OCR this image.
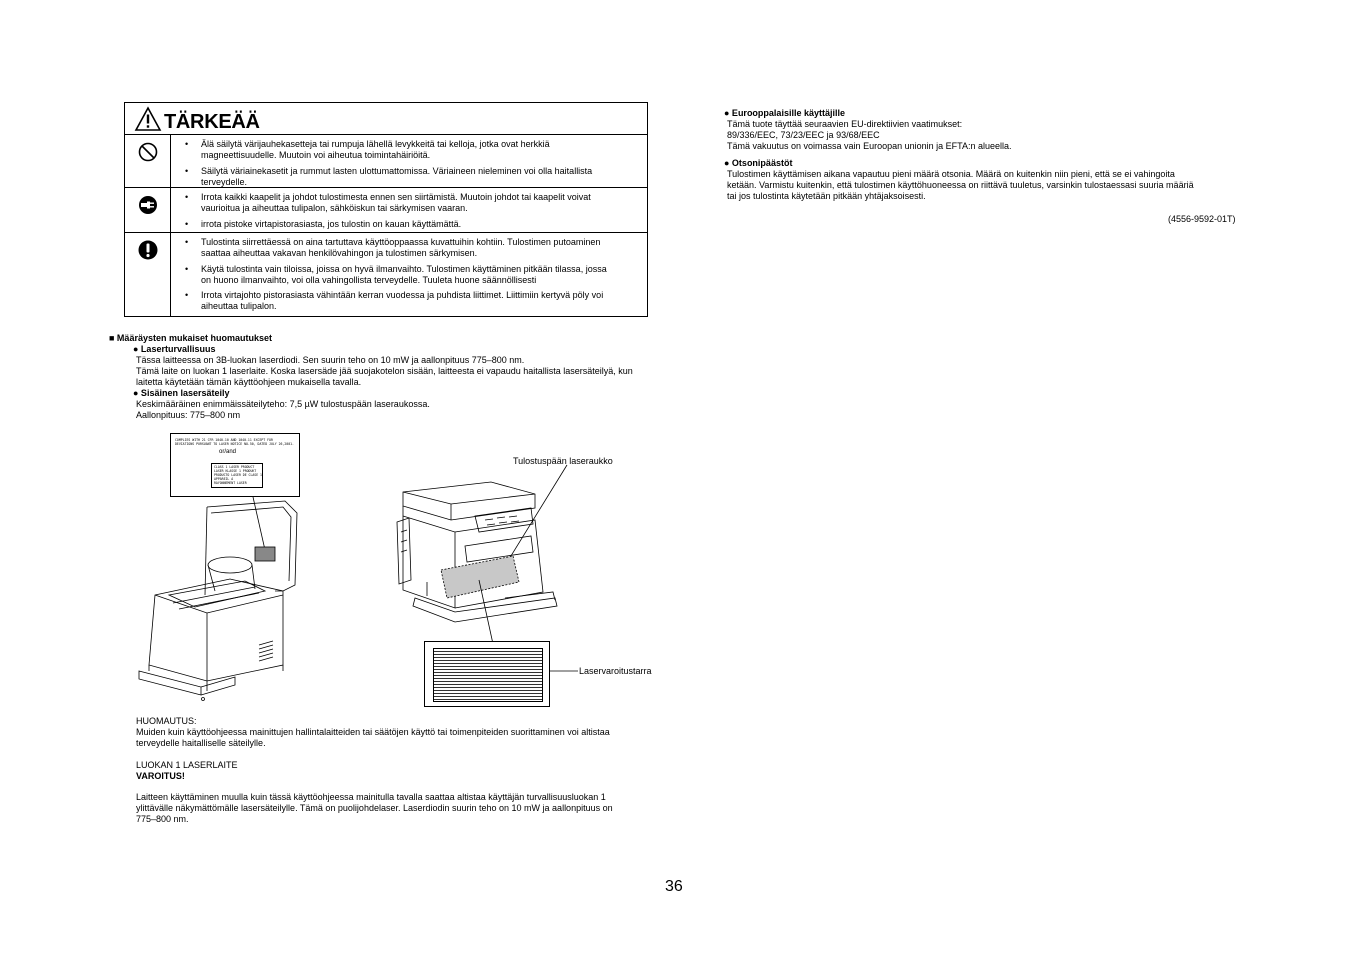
TÄRKEÄÄ
• Älä säilytä värijauhekasetteja tai rumpuja lähellä levykkeitä tai kelloja, jotka ovat herkkiä
magneettisuudelle. Muutoin voi aiheutua toimintahäiriöitä.
• Säilytä väriainekasetit ja rummut lasten ulottumattomissa. Väriaineen nieleminen voi olla haitallista
terveydelle.
• Irrota kaikki kaapelit ja johdot tulostimesta ennen sen siirtämistä. Muutoin johdot tai kaapelit voivat
vaurioitua ja aiheuttaa tulipalon, sähköiskun tai särkymisen vaaran.
• irrota pistoke virtapistorasiasta, jos tulostin on kauan käyttämättä.
• Tulostinta siirrettäessä on aina tartuttava käyttöoppaassa kuvattuihin kohtiin. Tulostimen putoaminen
saattaa aiheuttaa vakavan henkilövahingon ja tulostimen särkymisen.
• Käytä tulostinta vain tiloissa, joissa on hyvä ilmanvaihto. Tulostimen käyttäminen pitkään tilassa, jossa
on huono ilmanvaihto, voi olla vahingollista terveydelle. Tuuleta huone säännöllisesti
• Irrota virtajohto pistorasiasta vähintään kerran vuodessa ja puhdista liittimet. Liittimiin kertyvä pöly voi
aiheuttaa tulipalon.
■ Määräysten mukaiset huomautukset
● Laserturvallisuus
Tässa laitteessa on 3B-luokan laserdiodi. Sen suurin teho on 10 mW ja aallonpituus 775–800 nm.
Tämä laite on luokan 1 laserlaite. Koska lasersäde jää suojakotelon sisään, laitteesta ei vapaudu haitallista lasersäteilyä, kun
laitetta käytetään tämän käyttöohjeen mukaisella tavalla.
● Sisäinen lasersäteily
Keskimääräinen enimmäissäteilyteho: 7,5 µW tulostuspään laseraukossa.
Aallonpituus: 775–800 nm
COMPLIES WITH 21 CFR 1040.10 AND 1040.11 EXCEPT FOR
DEVIATIONS PURSUANT TO LASER NOTICE NO.50, DATED JULY 26,2001.
or/and
CLASS 1 LASER PRODUCT
LASER KLASSE 1 PRODUKT
PRODUCTO LASER DE CLASE 1
APPAREIL A
RAYONNEMENT LASER
Tulostuspään laseraukko
Laservaroitustarra
HUOMAUTUS:
Muiden kuin käyttöohjeessa mainittujen hallintalaitteiden tai säätöjen käyttö tai toimenpiteiden suorittaminen voi altistaa
terveydelle haitalliselle säteilylle.
LUOKAN 1 LASERLAITE
VAROITUS!
Laitteen käyttäminen muulla kuin tässä käyttöohjeessa mainitulla tavalla saattaa altistaa käyttäjän turvallisuusluokan 1
ylittävälle näkymättömälle lasersäteilylle. Tämä on puolijohdelaser. Laserdiodin suurin teho on 10 mW ja aallonpituus on
775–800 nm.
● Eurooppalaisille käyttäjille
Tämä tuote täyttää seuraavien EU-direktiivien vaatimukset:
89/336/EEC, 73/23/EEC ja 93/68/EEC
Tämä vakuutus on voimassa vain Euroopan unionin ja EFTA:n alueella.
● Otsonipäästöt
Tulostimen käyttämisen aikana vapautuu pieni määrä otsonia. Määrä on kuitenkin niin pieni, että se ei vahingoita
ketään. Varmistu kuitenkin, että tulostimen käyttöhuoneessa on riittävä tuuletus, varsinkin tulostaessasi suuria määriä
tai jos tulostinta käytetään pitkään yhtäjaksoisesti.
(4556-9592-01T)
36
